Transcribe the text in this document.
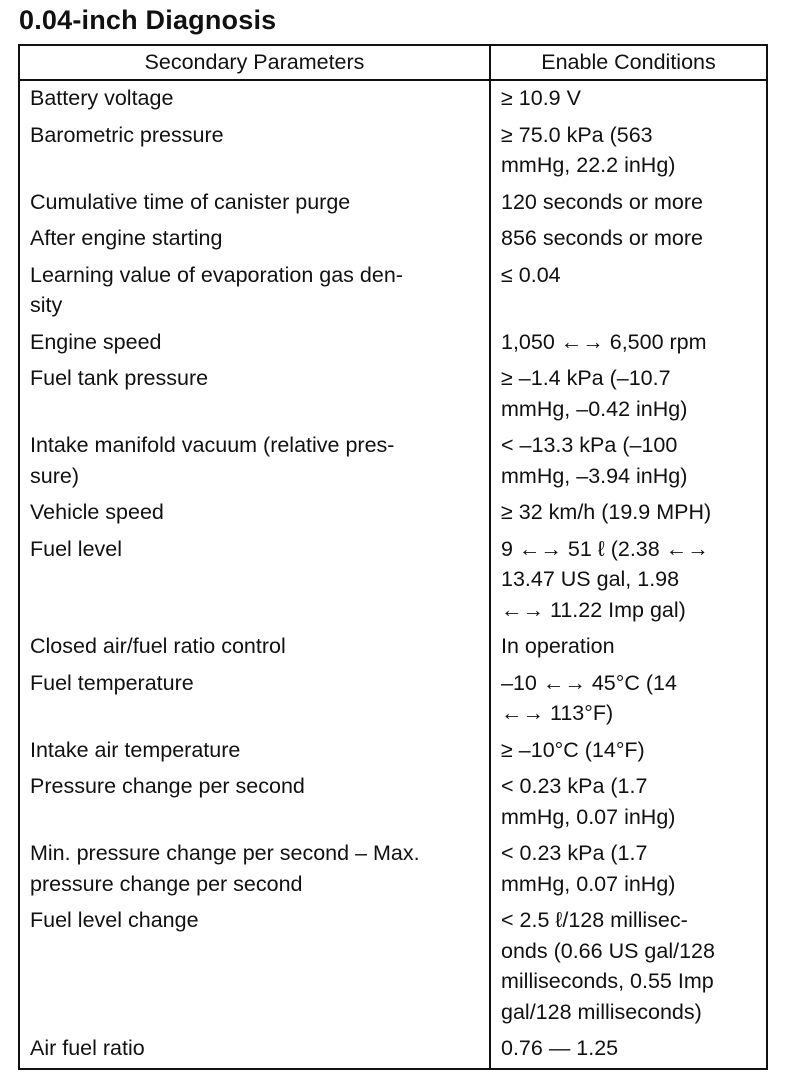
0.04-inch Diagnosis
Secondary Parameters	Enable Conditions
Battery voltage	≥ 10.9 V
Barometric pressure	≥ 75.0 kPa (563
mmHg, 22.2 inHg)
Cumulative time of canister purge	120 seconds or more
After engine starting	856 seconds or more
Learning value of evaporation gas den-
sity	≤ 0.04
Engine speed	1,050 ←→ 6,500 rpm
Fuel tank pressure	≥ –1.4 kPa (–10.7
mmHg, –0.42 inHg)
Intake manifold vacuum (relative pres-
sure)	< –13.3 kPa (–100
mmHg, –3.94 inHg)
Vehicle speed	≥ 32 km/h (19.9 MPH)
Fuel level	9 ←→ 51 ℓ (2.38 ←→
13.47 US gal, 1.98
←→ 11.22 Imp gal)
Closed air/fuel ratio control	In operation
Fuel temperature	–10 ←→ 45°C (14
←→ 113°F)
Intake air temperature	≥ –10°C (14°F)
Pressure change per second	< 0.23 kPa (1.7
mmHg, 0.07 inHg)
Min. pressure change per second – Max.
pressure change per second	< 0.23 kPa (1.7
mmHg, 0.07 inHg)
Fuel level change	< 2.5 ℓ/128 millisec-
onds (0.66 US gal/128
milliseconds, 0.55 Imp
gal/128 milliseconds)
Air fuel ratio	0.76 — 1.25
